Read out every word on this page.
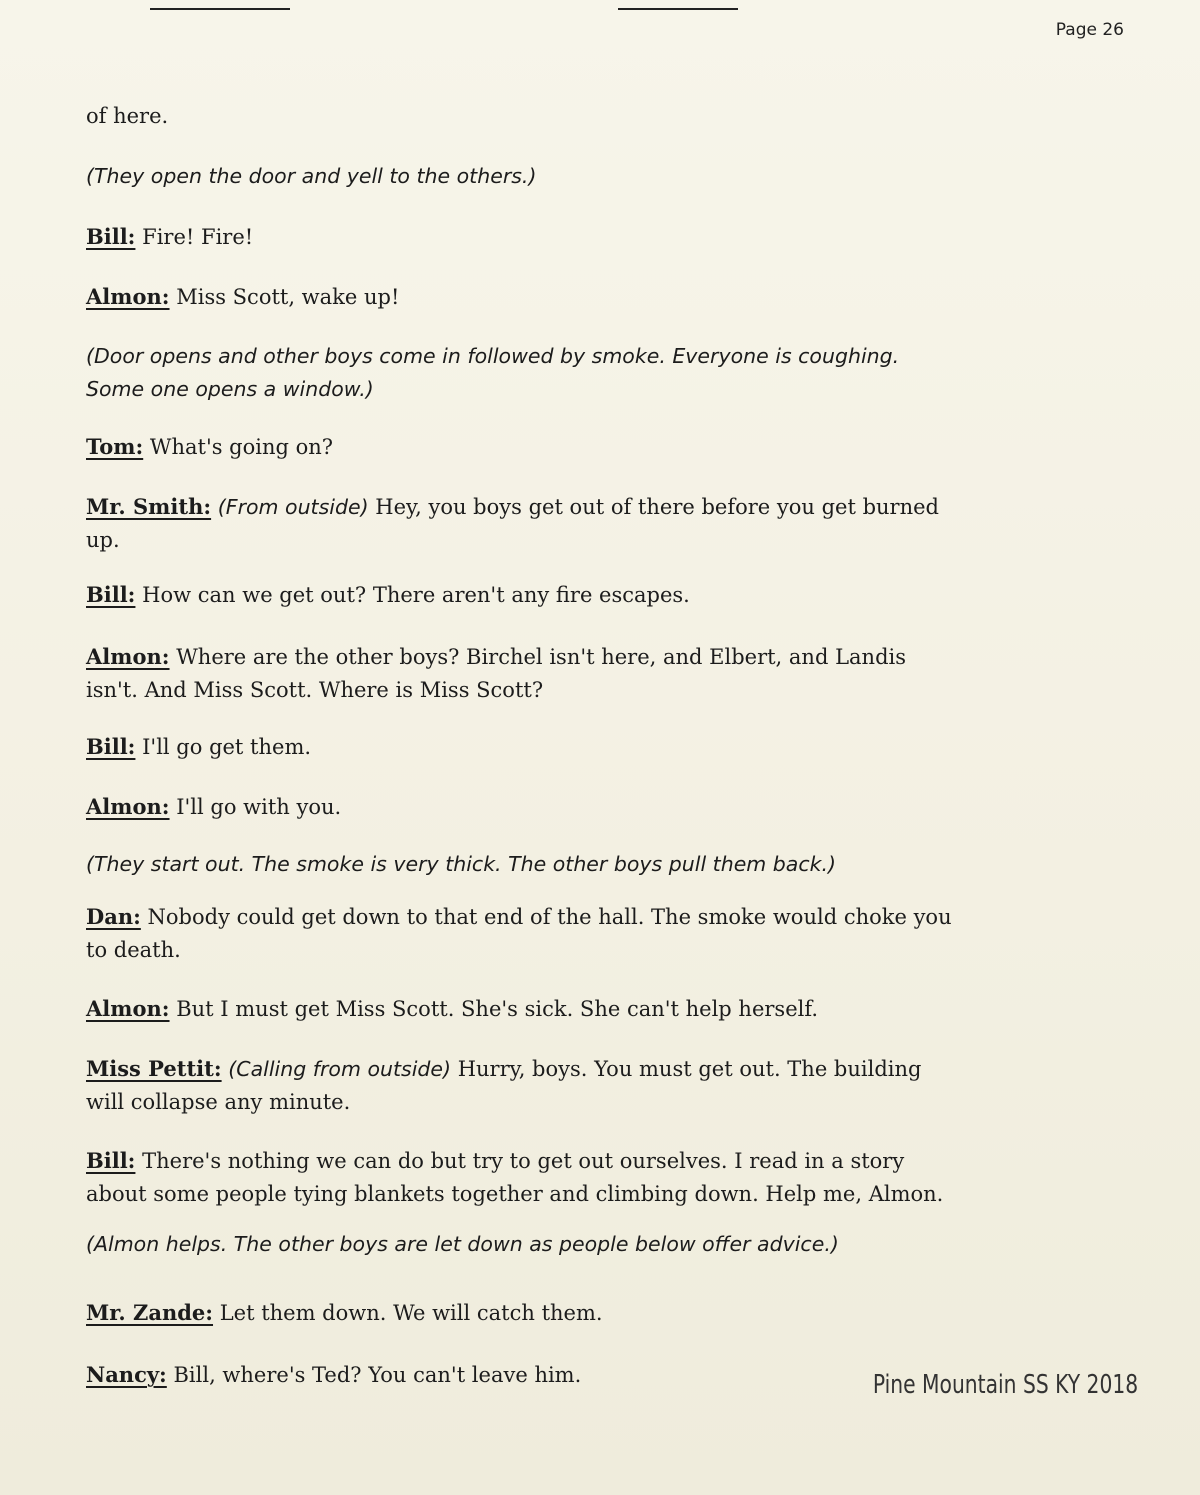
Page 26
of here.
(They open the door and yell to the others.)
Bill: Fire! Fire!
Almon: Miss Scott, wake up!
(Door opens and other boys come in followed by smoke. Everyone is coughing.
Some one opens a window.)
Tom: What's going on?
Mr. Smith: (From outside) Hey, you boys get out of there before you get burned
up.
Bill: How can we get out? There aren't any fire escapes.
Almon: Where are the other boys? Birchel isn't here, and Elbert, and Landis
isn't. And Miss Scott. Where is Miss Scott?
Bill: I'll go get them.
Almon: I'll go with you.
(They start out. The smoke is very thick. The other boys pull them back.)
Dan: Nobody could get down to that end of the hall. The smoke would choke you
to death.
Almon: But I must get Miss Scott. She's sick. She can't help herself.
Miss Pettit: (Calling from outside) Hurry, boys. You must get out. The building
will collapse any minute.
Bill: There's nothing we can do but try to get out ourselves. I read in a story
about some people tying blankets together and climbing down. Help me, Almon.
(Almon helps. The other boys are let down as people below offer advice.)
Mr. Zande: Let them down. We will catch them.
Nancy: Bill, where's Ted? You can't leave him.	Pine Mountain SS KY 2018
